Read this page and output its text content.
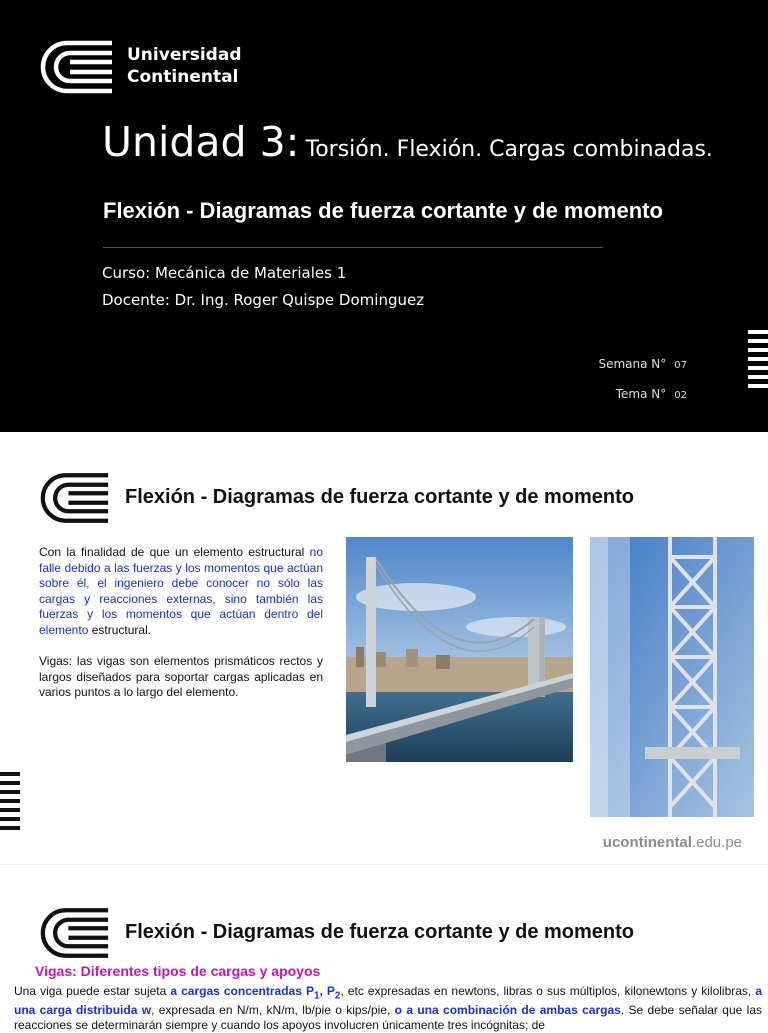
Universidad
Continental
Unidad 3: Torsión. Flexión. Cargas combinadas.
Flexión - Diagramas de fuerza cortante y de momento
Curso: Mecánica de Materiales 1
Docente: Dr. Ing. Roger Quispe Dominguez
Semana N° 07
Tema N° 02
Flexión - Diagramas de fuerza cortante y de momento
Con la finalidad de que un elemento estructural no falle debido a las fuerzas y los momentos que actúan sobre él, el ingeniero debe conocer no sólo las cargas y reacciones externas, sino también las fuerzas y los momentos que actúan dentro del elemento estructural.
Vigas: las vigas son elementos prismáticos rectos y largos diseñados para soportar cargas aplicadas en varios puntos a lo largo del elemento.
ucontinental.edu.pe
Flexión - Diagramas de fuerza cortante y de momento
Vigas: Diferentes tipos de cargas y apoyos
Una viga puede estar sujeta a cargas concentradas $P_1$, $P_2$, etc expresadas en newtons, libras o sus múltiplos, kilonewtons y kilolibras, a una carga distribuida w, expresada en N/m, kN/m, lb/pie o kips/pie, o a una combinación de ambas cargas. Se debe señalar que las reacciones se determinarán siempre y cuando los apoyos involucren únicamente tres incógnitas; de
